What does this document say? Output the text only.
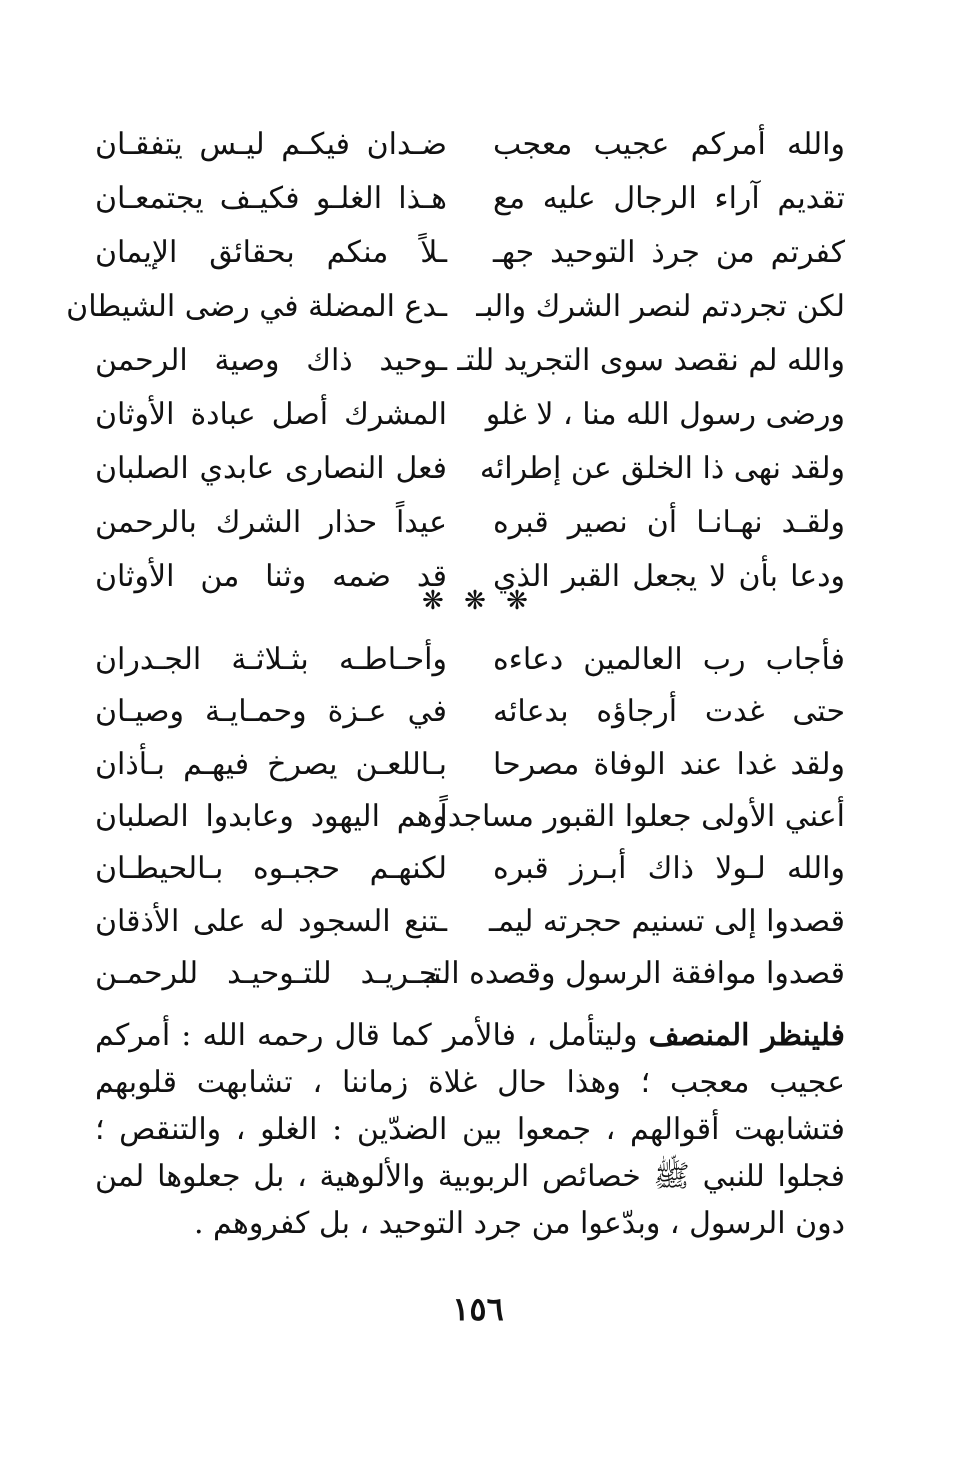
والله أمركم عجيب معجب
ضـدان فيكـم ليـس يتفقـان
تقديم آراء الرجال عليه مع
هـذا الغلـو فكيـف يجتمعـان
كفرتم من جرذ التوحيد جهـ
ـلاً منكم بحقائق الإيمان
لكن تجردتم لنصر الشرك والبـ
ـدع المضلة في رضى الشيطان
والله لم نقصد سوى التجريد للتـ
ـوحيد ذاك وصية الرحمن
ورضى رسول الله منا ، لا غلو
المشرك أصل عبادة الأوثان
ولقد نهى ذا الخلق عن إطرائه
فعل النصارى عابدي الصلبان
ولقـد نهـانـا أن نصير قبره
عيداً حذار الشرك بالرحمن
ودعا بأن لا يجعل القبر الذي
قد ضمه وثنا من الأوثان
❋ ❋ ❋
فأجاب رب العالمين دعاءه
وأحـاطـه بثـلاثـة الجـدران
حتى غدت أرجاؤه بدعائه
في عـزة وحمـايـة وصيـان
ولقد غدا عند الوفاة مصرحا
بـاللعـن يصرخ فيهـم بـأذان
أعني الأولى جعلوا القبور مساجداً
وهم اليهود وعابدوا الصلبان
والله لـولا ذاك أبـرز قبره
لكنهـم حجبـوه بـالحيطـان
قصدوا إلى تسنيم حجرته ليمـ
ـتنع السجود له على الأذقان
قصدوا موافقة الرسول وقصده التـ
ـجـريـد للتـوحيـد للرحمـن
فلينظر المنصف وليتأمل ، فالأمر كما قال رحمه الله : أمركم
عجيب معجب ؛ وهذا حال غلاة زماننا ، تشابهت قلوبهم
فتشابهت أقوالهم ، جمعوا بين الضدّين : الغلو ، والتنقص ؛
فجلوا للنبي ﷺ خصائص الربوبية والألوهية ، بل جعلوها لمن
دون الرسول ، وبدّعوا من جرد التوحيد ، بل كفروهم .
١٥٦
